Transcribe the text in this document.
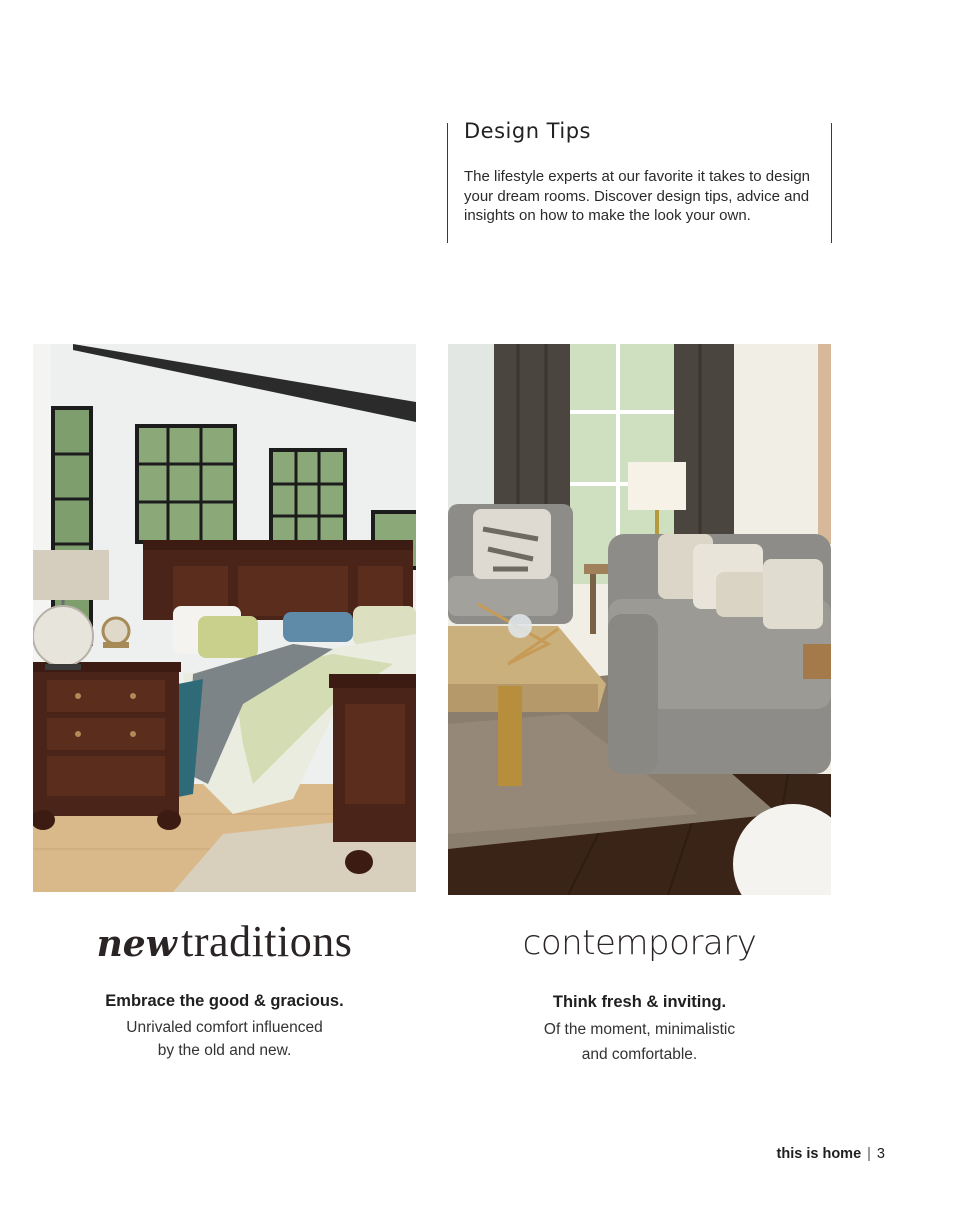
Design Tips

The lifestyle experts at our favorite it takes to design your dream rooms. Discover design tips, advice and insights on how to make the look your own.

new traditions
Embrace the good & gracious.
Unrivaled comfort influenced
by the old and new.
contemporary
Think fresh & inviting.
Of the moment, minimalistic
and comfortable.
this is home | 3
